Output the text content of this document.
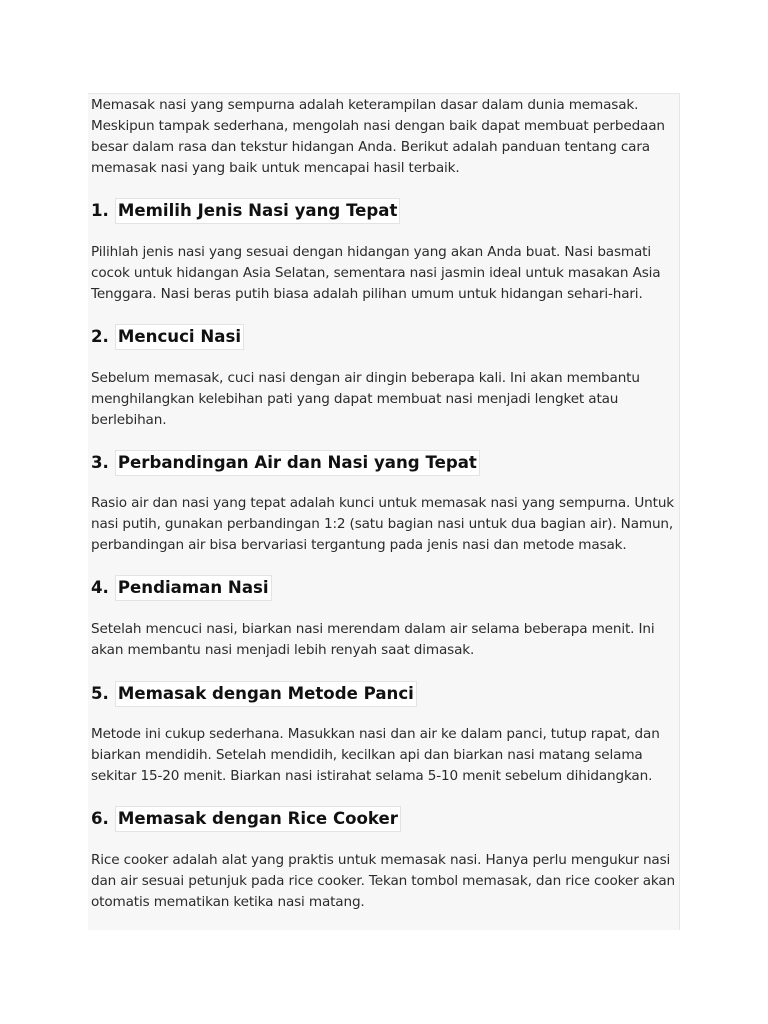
Memasak nasi yang sempurna adalah keterampilan dasar dalam dunia memasak. Meskipun tampak sederhana, mengolah nasi dengan baik dapat membuat perbedaan besar dalam rasa dan tekstur hidangan Anda. Berikut adalah panduan tentang cara memasak nasi yang baik untuk mencapai hasil terbaik.

1. Memilih Jenis Nasi yang Tepat

Pilihlah jenis nasi yang sesuai dengan hidangan yang akan Anda buat. Nasi basmati cocok untuk hidangan Asia Selatan, sementara nasi jasmin ideal untuk masakan Asia Tenggara. Nasi beras putih biasa adalah pilihan umum untuk hidangan sehari-hari.

2. Mencuci Nasi

Sebelum memasak, cuci nasi dengan air dingin beberapa kali. Ini akan membantu menghilangkan kelebihan pati yang dapat membuat nasi menjadi lengket atau berlebihan.

3. Perbandingan Air dan Nasi yang Tepat

Rasio air dan nasi yang tepat adalah kunci untuk memasak nasi yang sempurna. Untuk nasi putih, gunakan perbandingan 1:2 (satu bagian nasi untuk dua bagian air). Namun, perbandingan air bisa bervariasi tergantung pada jenis nasi dan metode masak.

4. Pendiaman Nasi

Setelah mencuci nasi, biarkan nasi merendam dalam air selama beberapa menit. Ini akan membantu nasi menjadi lebih renyah saat dimasak.

5. Memasak dengan Metode Panci

Metode ini cukup sederhana. Masukkan nasi dan air ke dalam panci, tutup rapat, dan biarkan mendidih. Setelah mendidih, kecilkan api dan biarkan nasi matang selama sekitar 15-20 menit. Biarkan nasi istirahat selama 5-10 menit sebelum dihidangkan.

6. Memasak dengan Rice Cooker

Rice cooker adalah alat yang praktis untuk memasak nasi. Hanya perlu mengukur nasi dan air sesuai petunjuk pada rice cooker. Tekan tombol memasak, dan rice cooker akan otomatis mematikan ketika nasi matang.
